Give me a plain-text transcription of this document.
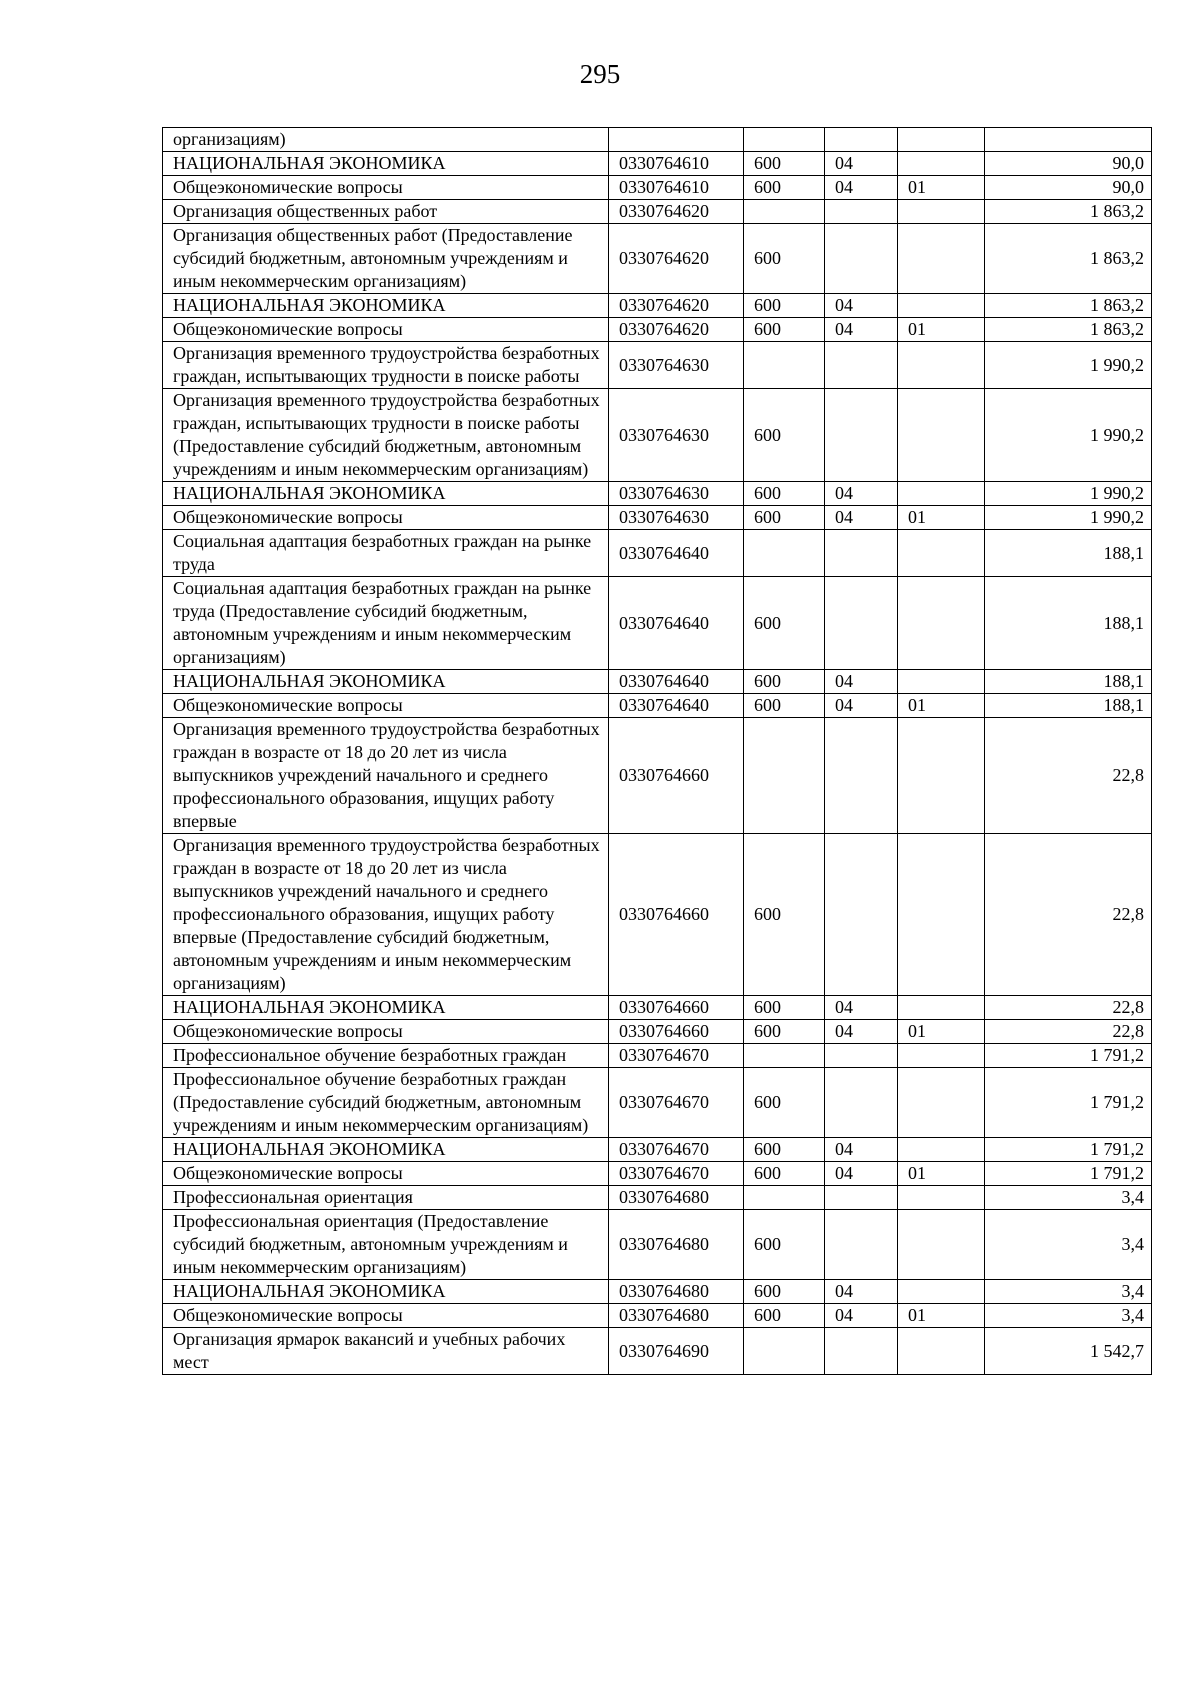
295
организациям)					
НАЦИОНАЛЬНАЯ ЭКОНОМИКА	0330764610	600	04		90,0
Общеэкономические вопросы	0330764610	600	04	01	90,0
Организация общественных работ	0330764620				1 863,2
Организация общественных работ (Предоставление субсидий бюджетным, автономным учреждениям и иным некоммерческим организациям)	0330764620	600			1 863,2
НАЦИОНАЛЬНАЯ ЭКОНОМИКА	0330764620	600	04		1 863,2
Общеэкономические вопросы	0330764620	600	04	01	1 863,2
Организация временного трудоустройства безработных граждан, испытывающих трудности в поиске работы	0330764630				1 990,2
Организация временного трудоустройства безработных граждан, испытывающих трудности в поиске работы (Предоставление субсидий бюджетным, автономным учреждениям и иным некоммерческим организациям)	0330764630	600			1 990,2
НАЦИОНАЛЬНАЯ ЭКОНОМИКА	0330764630	600	04		1 990,2
Общеэкономические вопросы	0330764630	600	04	01	1 990,2
Социальная адаптация безработных граждан на рынке труда	0330764640				188,1
Социальная адаптация безработных граждан на рынке труда (Предоставление субсидий бюджетным, автономным учреждениям и иным некоммерческим организациям)	0330764640	600			188,1
НАЦИОНАЛЬНАЯ ЭКОНОМИКА	0330764640	600	04		188,1
Общеэкономические вопросы	0330764640	600	04	01	188,1
Организация временного трудоустройства безработных граждан в возрасте от 18 до 20 лет из числа выпускников учреждений начального и среднего профессионального образования, ищущих работу впервые	0330764660				22,8
Организация временного трудоустройства безработных граждан в возрасте от 18 до 20 лет из числа выпускников учреждений начального и среднего профессионального образования, ищущих работу впервые (Предоставление субсидий бюджетным, автономным учреждениям и иным некоммерческим организациям)	0330764660	600			22,8
НАЦИОНАЛЬНАЯ ЭКОНОМИКА	0330764660	600	04		22,8
Общеэкономические вопросы	0330764660	600	04	01	22,8
Профессиональное обучение безработных граждан	0330764670				1 791,2
Профессиональное обучение безработных граждан (Предоставление субсидий бюджетным, автономным учреждениям и иным некоммерческим организациям)	0330764670	600			1 791,2
НАЦИОНАЛЬНАЯ ЭКОНОМИКА	0330764670	600	04		1 791,2
Общеэкономические вопросы	0330764670	600	04	01	1 791,2
Профессиональная ориентация	0330764680				3,4
Профессиональная ориентация (Предоставление субсидий бюджетным, автономным учреждениям и иным некоммерческим организациям)	0330764680	600			3,4
НАЦИОНАЛЬНАЯ ЭКОНОМИКА	0330764680	600	04		3,4
Общеэкономические вопросы	0330764680	600	04	01	3,4
Организация ярмарок вакансий и учебных рабочих мест	0330764690				1 542,7
